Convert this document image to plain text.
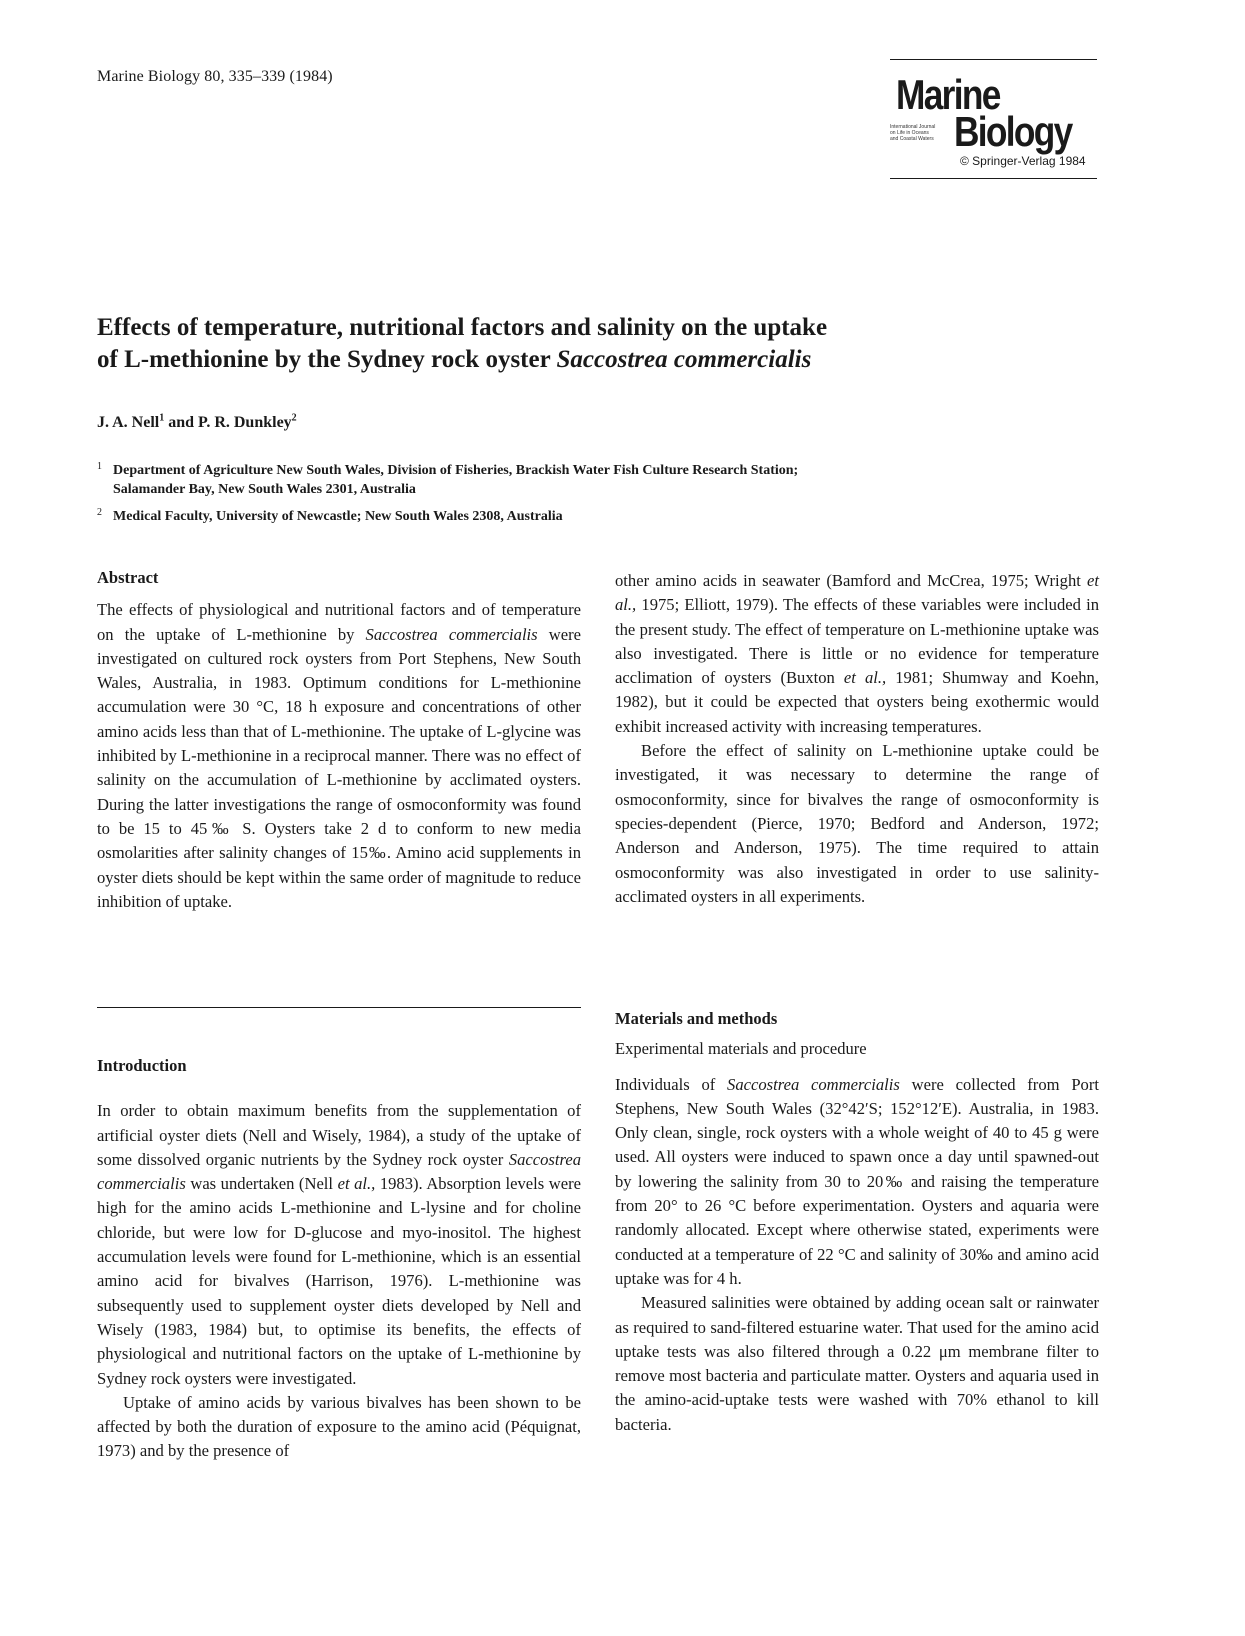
Marine Biology 80, 335–339 (1984)	Marine
Biology
International Journal
on Life in Oceans
and Coastal Waters
© Springer-Verlag 1984
Effects of temperature, nutritional factors and salinity on the uptake
of L-methionine by the Sydney rock oyster Saccostrea commercialis
J. A. Nell$^1$ and P. R. Dunkley$^2$
1 Department of Agriculture New South Wales, Division of Fisheries, Brackish Water Fish Culture Research Station;
Salamander Bay, New South Wales 2301, Australia
2 Medical Faculty, University of Newcastle; New South Wales 2308, Australia
Abstract

The effects of physiological and nutritional factors and of temperature on the uptake of L-methionine by Saccostrea commercialis were investigated on cultured rock oysters from Port Stephens, New South Wales, Australia, in 1983. Optimum conditions for L-methionine accumulation were 30 °C, 18 h exposure and concentrations of other amino acids less than that of L-methionine. The uptake of L-glycine was inhibited by L-methionine in a reciprocal manner. There was no effect of salinity on the accumulation of L-methionine by acclimated oysters. During the latter investigations the range of osmoconformity was found to be 15 to 45‰ S. Oysters take 2 d to conform to new media osmolarities after salinity changes of 15‰. Amino acid supplements in oyster diets should be kept within the same order of magnitude to reduce inhibition of uptake.

Introduction

In order to obtain maximum benefits from the supplementation of artificial oyster diets (Nell and Wisely, 1984), a study of the uptake of some dissolved organic nutrients by the Sydney rock oyster Saccostrea commercialis was undertaken (Nell et al., 1983). Absorption levels were high for the amino acids L-methionine and L-lysine and for choline chloride, but were low for D-glucose and myo-inositol. The highest accumulation levels were found for L-methionine, which is an essential amino acid for bivalves (Harrison, 1976). L-methionine was subsequently used to supplement oyster diets developed by Nell and Wisely (1983, 1984) but, to optimise its benefits, the effects of physiological and nutritional factors on the uptake of L-methionine by Sydney rock oysters were investigated.

Uptake of amino acids by various bivalves has been shown to be affected by both the duration of exposure to the amino acid (Péquignat, 1973) and by the presence of

other amino acids in seawater (Bamford and McCrea, 1975; Wright et al., 1975; Elliott, 1979). The effects of these variables were included in the present study. The effect of temperature on L-methionine uptake was also investigated. There is little or no evidence for temperature acclimation of oysters (Buxton et al., 1981; Shumway and Koehn, 1982), but it could be expected that oysters being exothermic would exhibit increased activity with increasing temperatures.

Before the effect of salinity on L-methionine uptake could be investigated, it was necessary to determine the range of osmoconformity, since for bivalves the range of osmoconformity is species-dependent (Pierce, 1970; Bedford and Anderson, 1972; Anderson and Anderson, 1975). The time required to attain osmoconformity was also investigated in order to use salinity-acclimated oysters in all experiments.

Materials and methods
Experimental materials and procedure

Individuals of Saccostrea commercialis were collected from Port Stephens, New South Wales (32°42′S; 152°12′E). Australia, in 1983. Only clean, single, rock oysters with a whole weight of 40 to 45 g were used. All oysters were induced to spawn once a day until spawned-out by lowering the salinity from 30 to 20‰ and raising the temperature from 20° to 26 °C before experimentation. Oysters and aquaria were randomly allocated. Except where otherwise stated, experiments were conducted at a temperature of 22 °C and salinity of 30‰ and amino acid uptake was for 4 h.

Measured salinities were obtained by adding ocean salt or rainwater as required to sand-filtered estuarine water. That used for the amino acid uptake tests was also filtered through a 0.22 μm membrane filter to remove most bacteria and particulate matter. Oysters and aquaria used in the amino-acid-uptake tests were washed with 70% ethanol to kill bacteria.
